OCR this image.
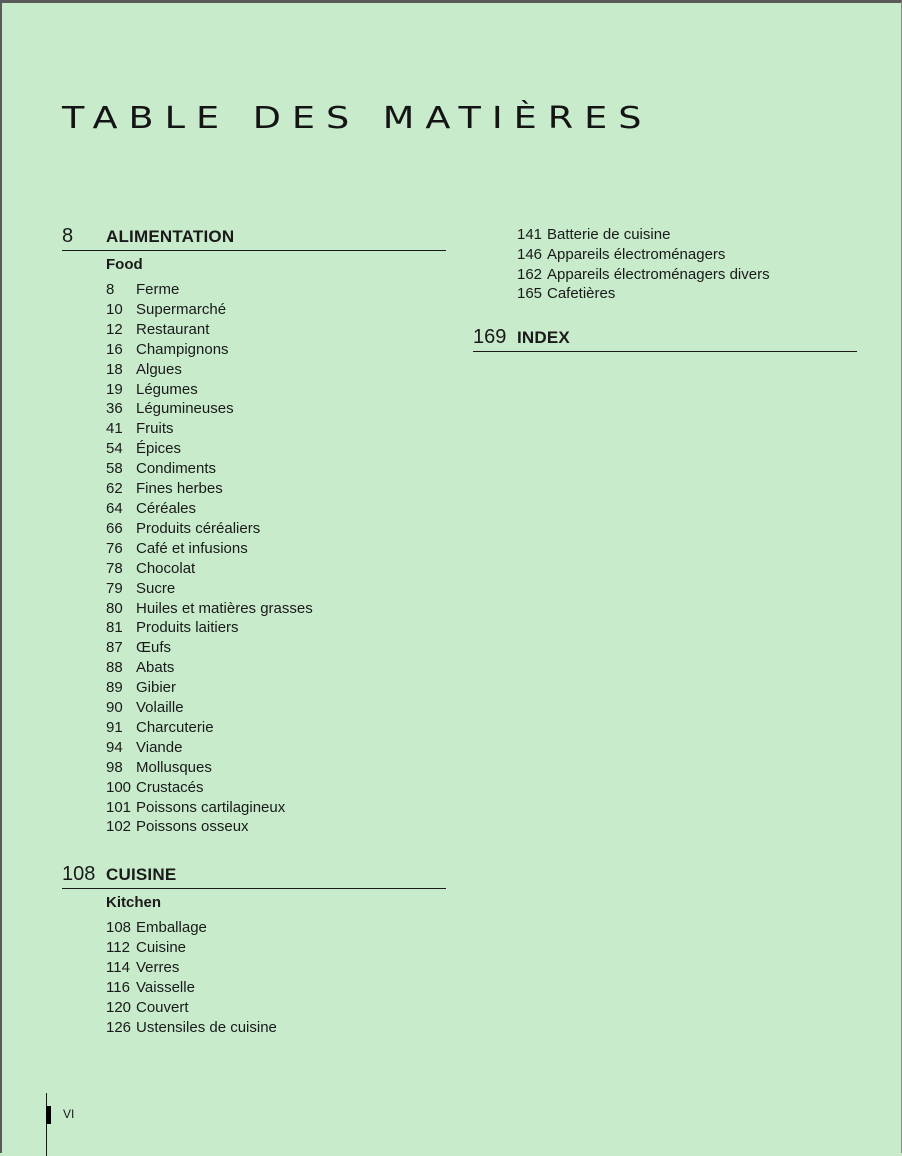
TABLE DES MATIÈRES
8	ALIMENTATION
Food
8	Ferme
10 Supermarché
12 Restaurant
16 Champignons
18 Algues
19 Légumes
36 Légumineuses
41 Fruits
54 Épices
58 Condiments
62 Fines herbes
64 Céréales
66 Produits céréaliers
76 Café et infusions
78 Chocolat
79 Sucre
80 Huiles et matières grasses
81 Produits laitiers
87 Œufs
88 Abats
89 Gibier
90 Volaille
91 Charcuterie
94 Viande
98 Mollusques
100 Crustacés
101 Poissons cartilagineux
102 Poissons osseux
108 CUISINE
Kitchen
108 Emballage
112 Cuisine
114 Verres
116 Vaisselle
120 Couvert
126 Ustensiles de cuisine
141 Batterie de cuisine
146 Appareils électroménagers
162 Appareils électroménagers divers
165 Cafetières
169 INDEX
VI
